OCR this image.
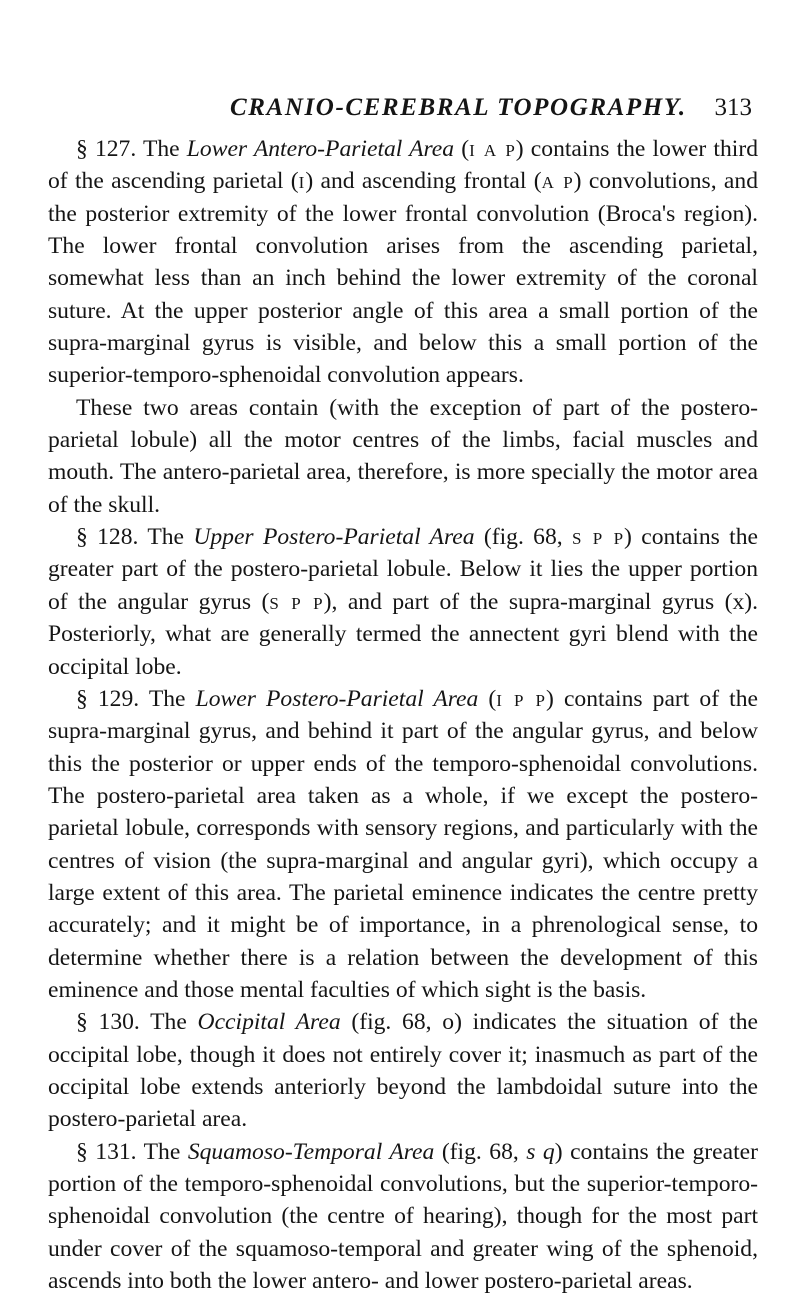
CRANIO-CEREBRAL TOPOGRAPHY. 313

§ 127. The Lower Antero-Parietal Area (i a p) contains the lower third of the ascending parietal (i) and ascending frontal (a p) convolutions, and the posterior extremity of the lower frontal convolution (Broca's region). The lower frontal convolution arises from the ascending parietal, somewhat less than an inch behind the lower extremity of the coronal suture. At the upper posterior angle of this area a small portion of the supra-marginal gyrus is visible, and below this a small portion of the superior-temporo-sphenoidal convolution appears.

These two areas contain (with the exception of part of the postero-parietal lobule) all the motor centres of the limbs, facial muscles and mouth. The antero-parietal area, therefore, is more specially the motor area of the skull.

§ 128. The Upper Postero-Parietal Area (fig. 68, s p p) contains the greater part of the postero-parietal lobule. Below it lies the upper portion of the angular gyrus (s p p), and part of the supra-marginal gyrus (x). Posteriorly, what are generally termed the annectent gyri blend with the occipital lobe.

§ 129. The Lower Postero-Parietal Area (i p p) contains part of the supra-marginal gyrus, and behind it part of the angular gyrus, and below this the posterior or upper ends of the temporo-sphenoidal convolutions. The postero-parietal area taken as a whole, if we except the postero-parietal lobule, corresponds with sensory regions, and particularly with the centres of vision (the supra-marginal and angular gyri), which occupy a large extent of this area. The parietal eminence indicates the centre pretty accurately; and it might be of importance, in a phrenological sense, to determine whether there is a relation between the development of this eminence and those mental faculties of which sight is the basis.

§ 130. The Occipital Area (fig. 68, o) indicates the situation of the occipital lobe, though it does not entirely cover it; inasmuch as part of the occipital lobe extends anteriorly beyond the lambdoidal suture into the postero-parietal area.

§ 131. The Squamoso-Temporal Area (fig. 68, s q) contains the greater portion of the temporo-sphenoidal convolutions, but the superior-temporo-sphenoidal convolution (the centre of hearing), though for the most part under cover of the squamoso-temporal and greater wing of the sphenoid, ascends into both the lower antero- and lower postero-parietal areas.
